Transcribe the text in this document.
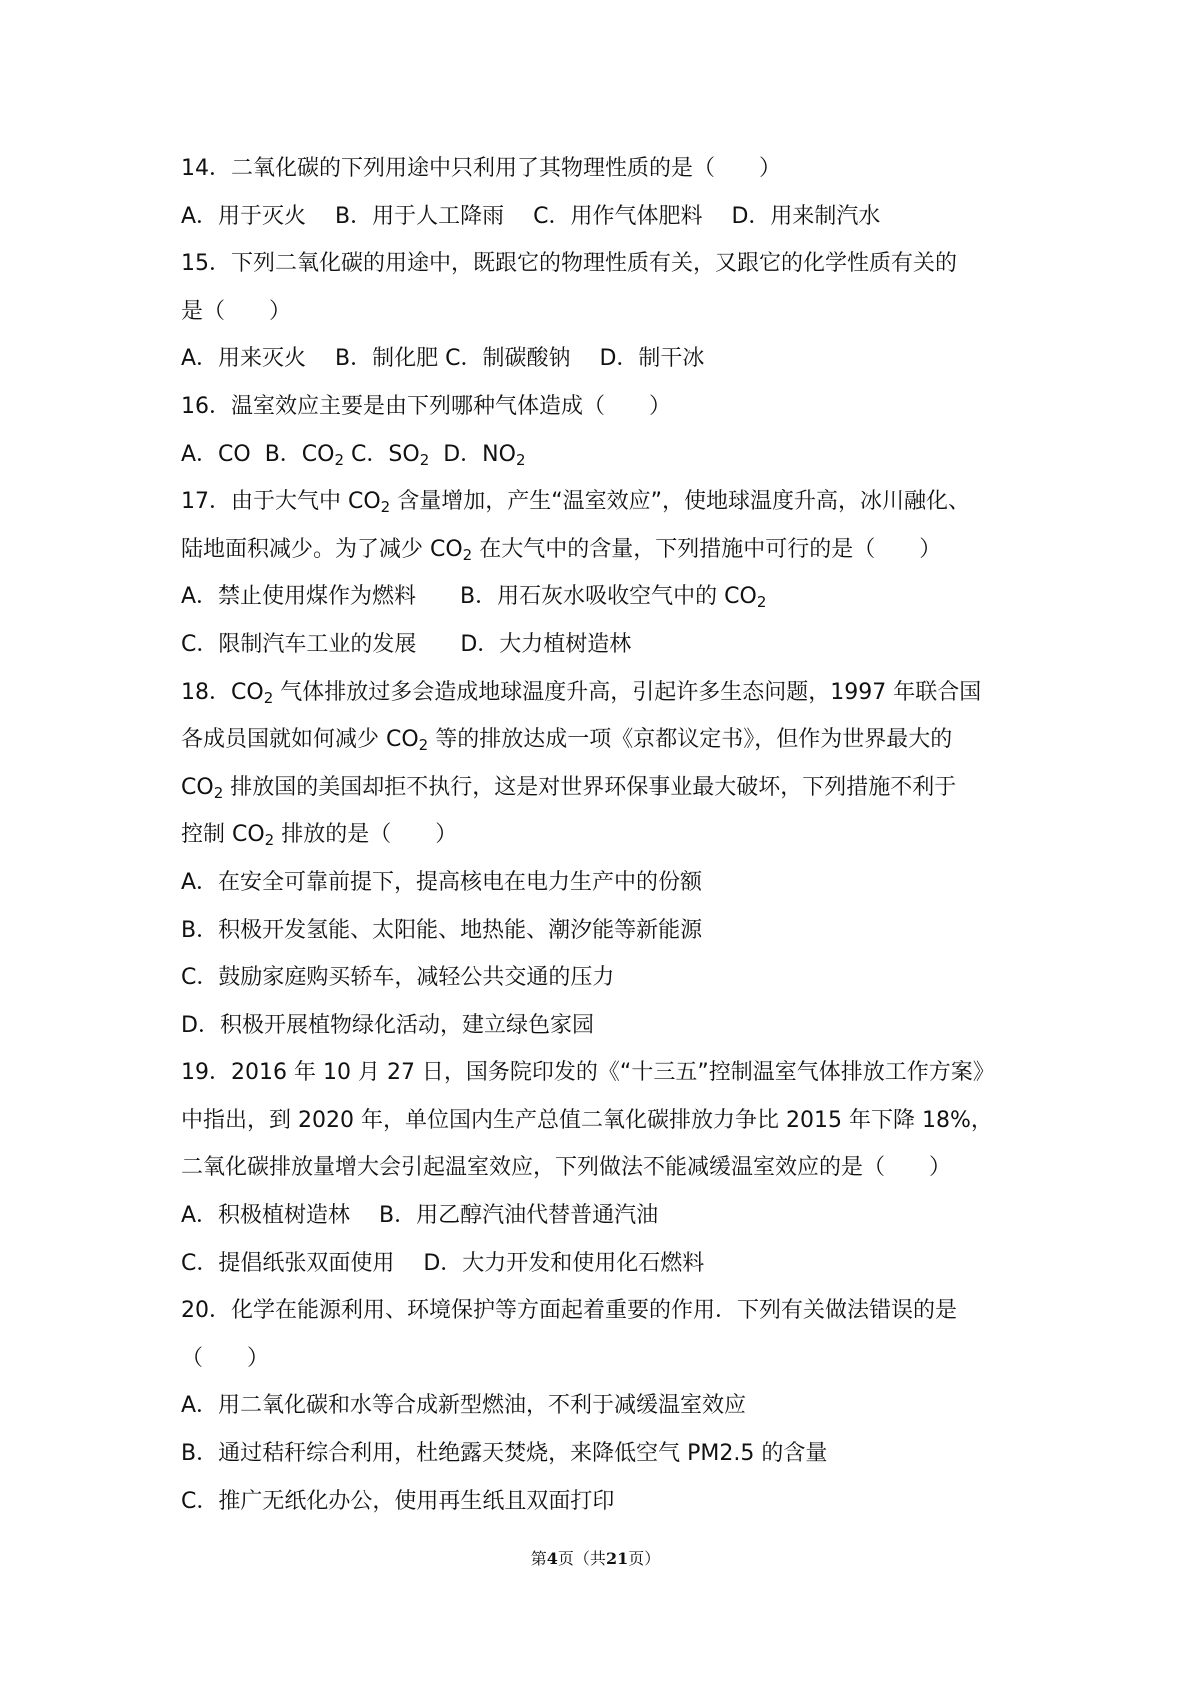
14．二氧化碳的下列用途中只利用了其物理性质的是（　　）
A．用于灭火　 B．用于人工降雨　 C．用作气体肥料　 D．用来制汽水
15．下列二氧化碳的用途中，既跟它的物理性质有关，又跟它的化学性质有关的
是（　　）
A．用来灭火　 B．制化肥 C．制碳酸钠　 D．制干冰
16．温室效应主要是由下列哪种气体造成（　　）
A．CO  B．$CO_2$ C．$SO_2$  D．$NO_2$
17．由于大气中 $CO_2$ 含量增加，产生“温室效应”，使地球温度升高，冰川融化、
陆地面积减少。为了减少 $CO_2$ 在大气中的含量，下列措施中可行的是（　　）
A．禁止使用煤作为燃料　　B．用石灰水吸收空气中的 $CO_2$
C．限制汽车工业的发展　　D．大力植树造林
18．$CO_2$ 气体排放过多会造成地球温度升高，引起许多生态问题，1997 年联合国
各成员国就如何减少 $CO_2$ 等的排放达成一项《京都议定书》，但作为世界最大的
$CO_2$ 排放国的美国却拒不执行，这是对世界环保事业最大破坏，下列措施不利于
控制 $CO_2$ 排放的是（　　）
A．在安全可靠前提下，提高核电在电力生产中的份额
B．积极开发氢能、太阳能、地热能、潮汐能等新能源
C．鼓励家庭购买轿车，减轻公共交通的压力
D．积极开展植物绿化活动，建立绿色家园
19．2016 年 10 月 27 日，国务院印发的《“十三五”控制温室气体排放工作方案》
中指出，到 2020 年，单位国内生产总值二氧化碳排放力争比 2015 年下降 18%，
二氧化碳排放量增大会引起温室效应，下列做法不能减缓温室效应的是（　　）
A．积极植树造林　 B．用乙醇汽油代替普通汽油
C．提倡纸张双面使用　 D．大力开发和使用化石燃料
20．化学在能源利用、环境保护等方面起着重要的作用．下列有关做法错误的是
（　　）
A．用二氧化碳和水等合成新型燃油，不利于减缓温室效应
B．通过秸秆综合利用，杜绝露天焚烧，来降低空气 PM2.5 的含量
C．推广无纸化办公，使用再生纸且双面打印
第4页（共21页）
